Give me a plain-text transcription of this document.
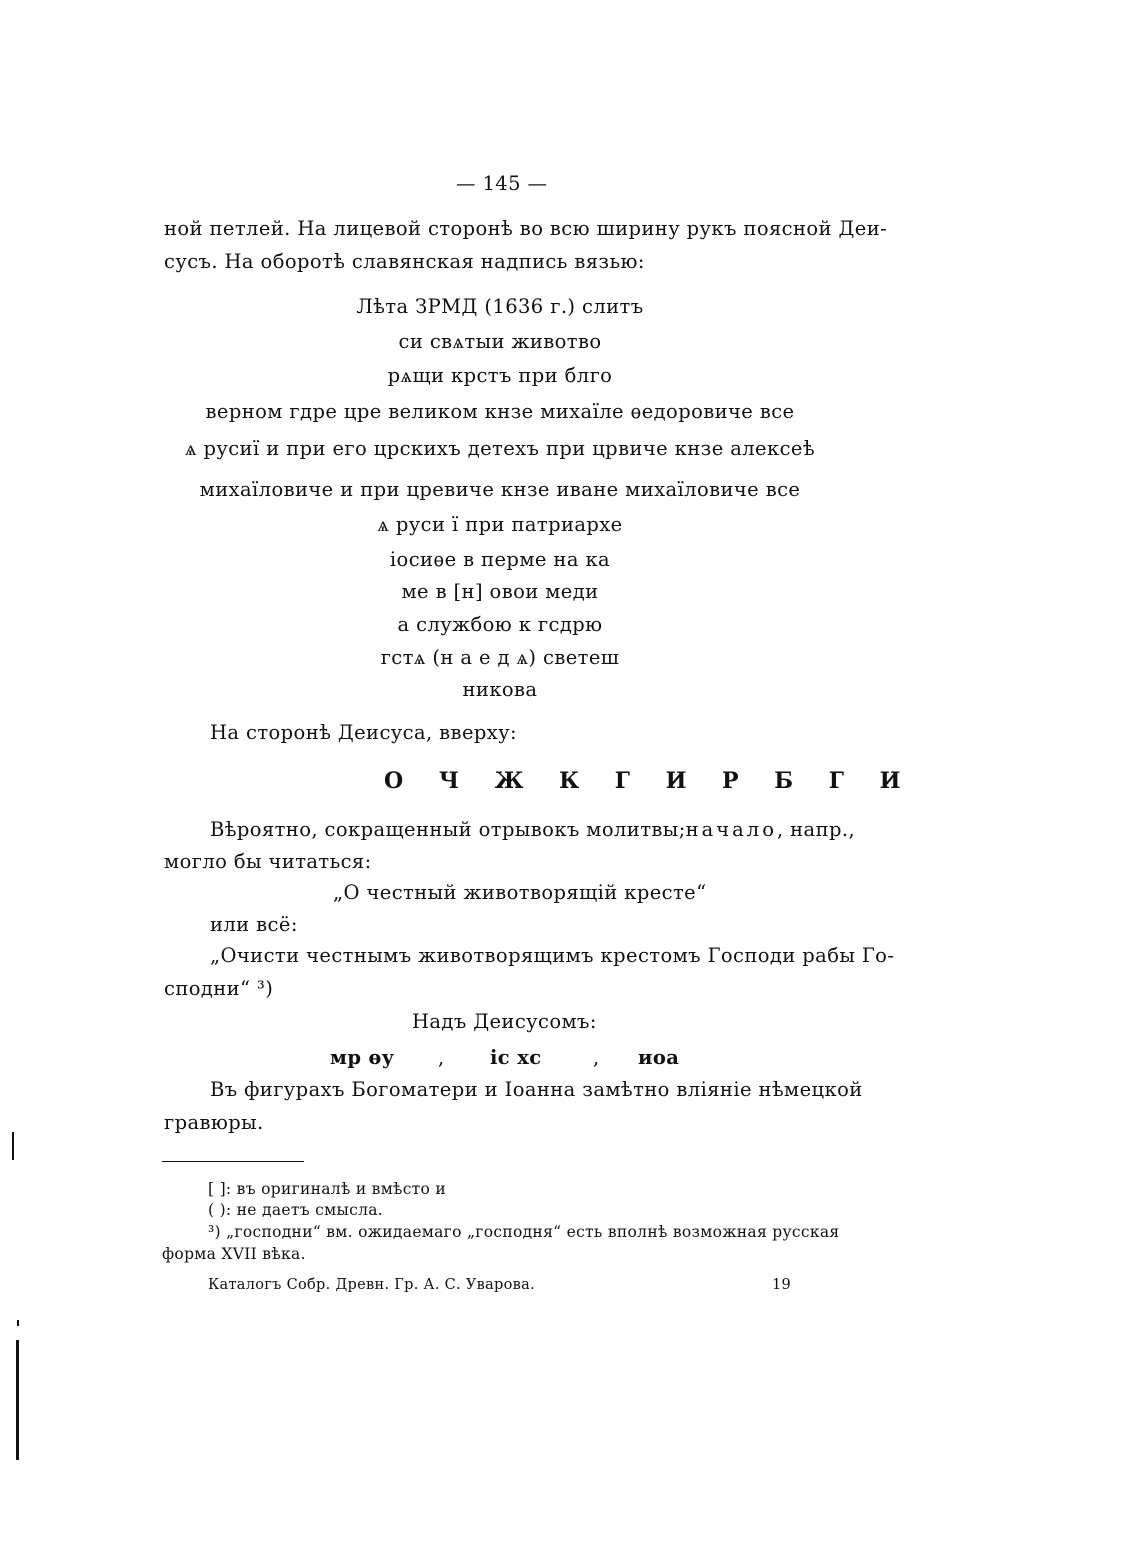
— 145 —
ной петлей. На лицевой сторонѣ во всю ширину рукъ поясной Деи-
сусъ. На оборотѣ славянская надпись вязью:
Лѣта ЗРМД (1636 г.) слитъ
си свѧтыи животво
рѧщи крстъ при блго
верном гдре цре великом кнзе михаїле ѳедоровиче все
ѧ русиї и при его црскихъ детехъ при црвиче кнзе алексеѣ
михаїловиче и при цревиче кнзе иване михаїловиче все
ѧ руси ї при патриархе
іосиѳе в перме на ка
ме в [н] овои меди
а службою к гсдрю
гстѧ (н а е д ѧ) светеш
никова
На сторонѣ Деисуса, вверху:
О Ч Ж К Г И Р Б Г И
Вѣроятно, сокращенный отрывокъ молитвы; начало, напр.,
могло бы читаться:
„О честный животворящій кресте“
или всё:
„Очисти честнымъ животворящимъ крестомъ Господи рабы Го-
сподни“ ³)
Надъ Деисусомъ:
мр ѳу , іс хс	, иоа
Въ фигурахъ Богоматери и Іоанна замѣтно вліяніе нѣмецкой
гравюры.
[ ]: въ оригиналѣ и вмѣсто и
( ): не даетъ смысла.
³) „господни“ вм. ожидаемаго „господня“ есть вполнѣ возможная русская
форма XVII вѣка.
Каталогъ Собр. Древн. Гр. А. С. Уварова.	19
